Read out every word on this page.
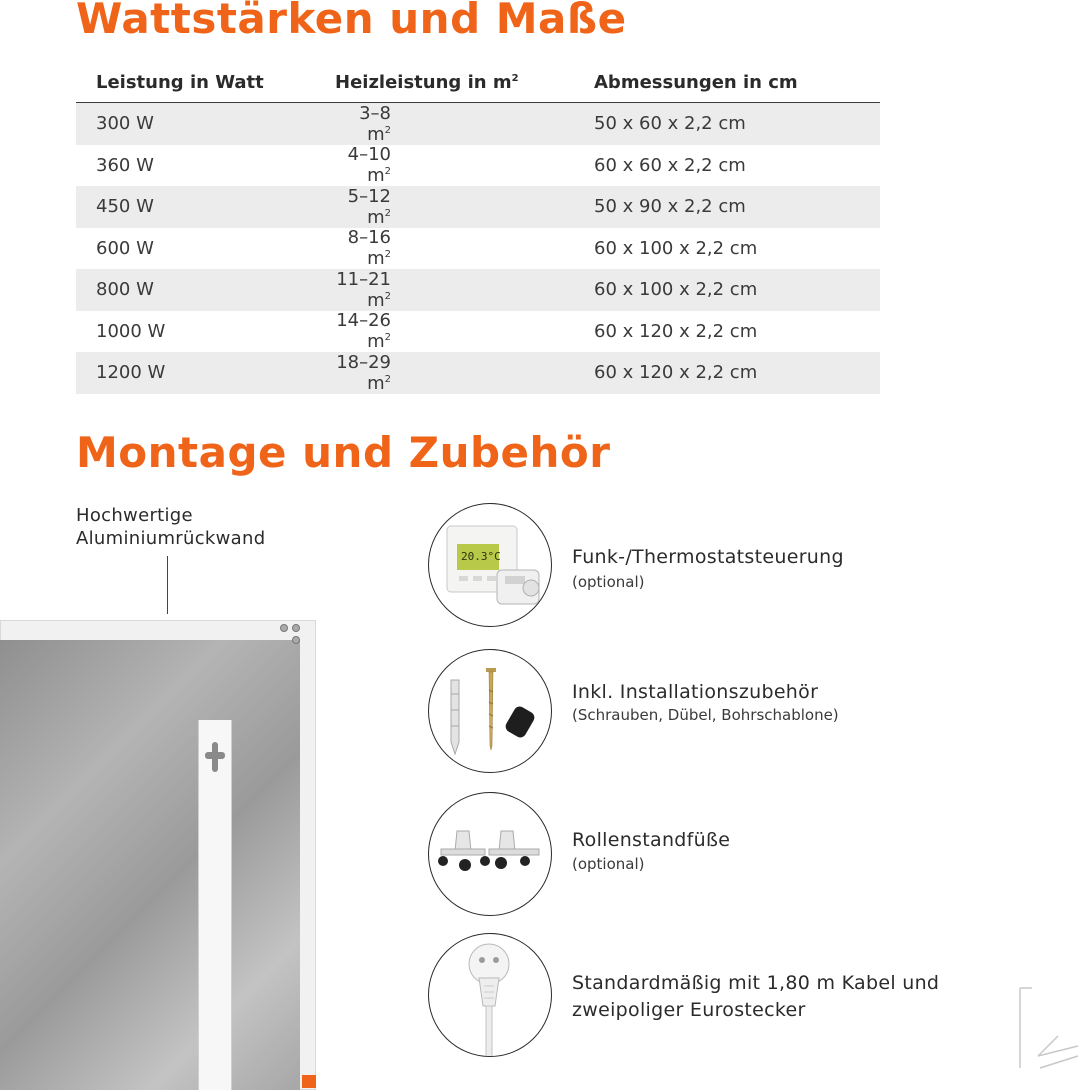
Wattstärken und Maße
Leistung in Watt	Heizleistung in $m^2$	Abmessungen in cm
300 W	3–8 $m^2$	50 x 60 x 2,2 cm
360 W	4–10 $m^2$	60 x 60 x 2,2 cm
450 W	5–12 $m^2$	50 x 90 x 2,2 cm
600 W	8–16 $m^2$	60 x 100 x 2,2 cm
800 W	11–21 $m^2$	60 x 100 x 2,2 cm
1000 W	14–26 $m^2$	60 x 120 x 2,2 cm
1200 W	18–29 $m^2$	60 x 120 x 2,2 cm
Montage und Zubehör
Hochwertige
Aluminiumrückwand
20.3°C	Funk-/Thermostatsteuerung
(optional)
Inkl. Installationszubehör
(Schrauben, Dübel, Bohrschablone)
Rollenstandfüße
(optional)
Standardmäßig mit 1,80 m Kabel und
zweipoliger Eurostecker
